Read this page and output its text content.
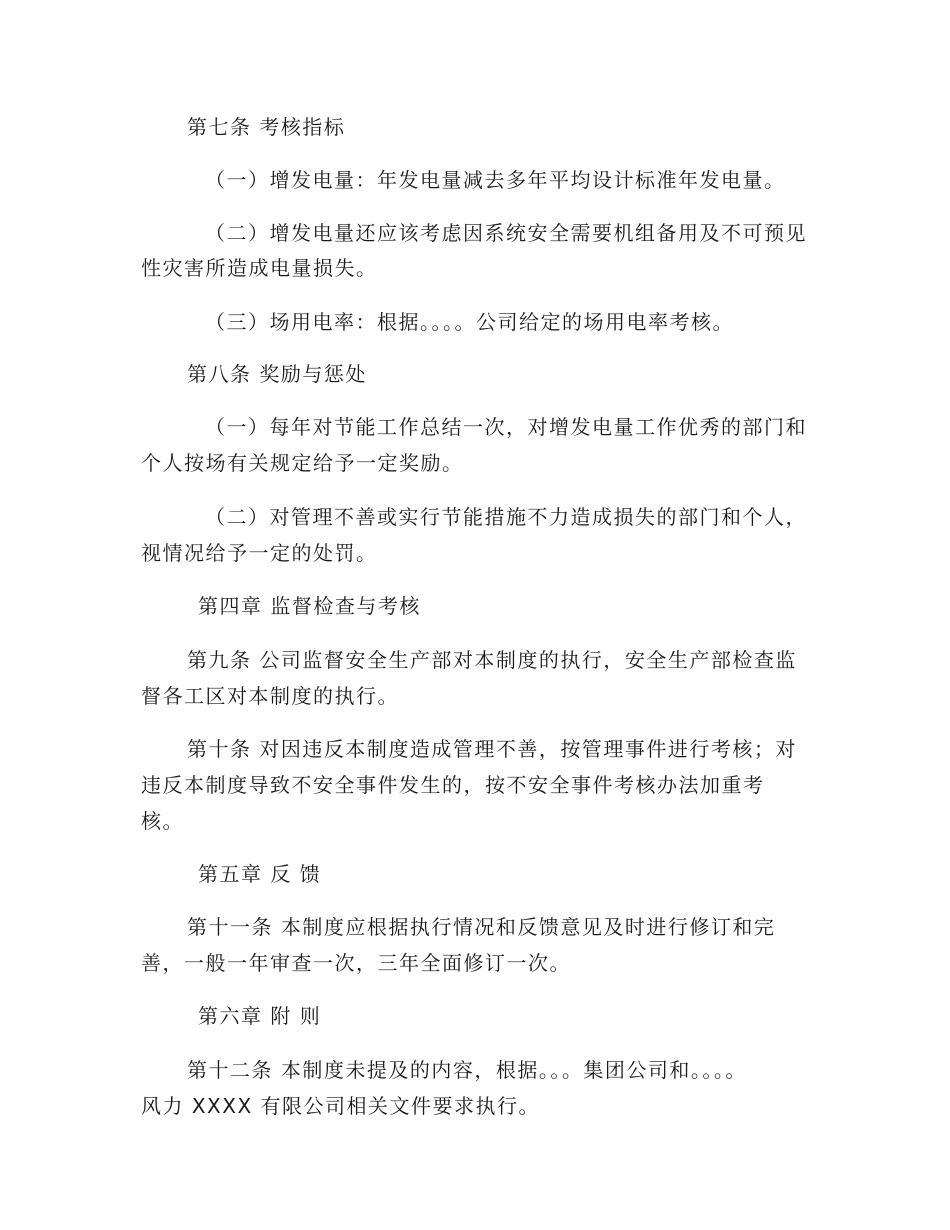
第七条 考核指标
（一）增发电量：年发电量减去多年平均设计标准年发电量。
（二）增发电量还应该考虑因系统安全需要机组备用及不可预见
性灾害所造成电量损失。
（三）场用电率：根据。。。。公司给定的场用电率考核。
第八条 奖励与惩处
（一）每年对节能工作总结一次，对增发电量工作优秀的部门和
个人按场有关规定给予一定奖励。
（二）对管理不善或实行节能措施不力造成损失的部门和个人，
视情况给予一定的处罚。
第四章 监督检查与考核
第九条 公司监督安全生产部对本制度的执行，安全生产部检查监
督各工区对本制度的执行。
第十条 对因违反本制度造成管理不善，按管理事件进行考核；对
违反本制度导致不安全事件发生的，按不安全事件考核办法加重考
核。
第五章 反 馈
第十一条 本制度应根据执行情况和反馈意见及时进行修订和完
善，一般一年审查一次，三年全面修订一次。
第六章 附 则
第十二条 本制度未提及的内容，根据。。。集团公司和。。。。
风力 XXXX 有限公司相关文件要求执行。
